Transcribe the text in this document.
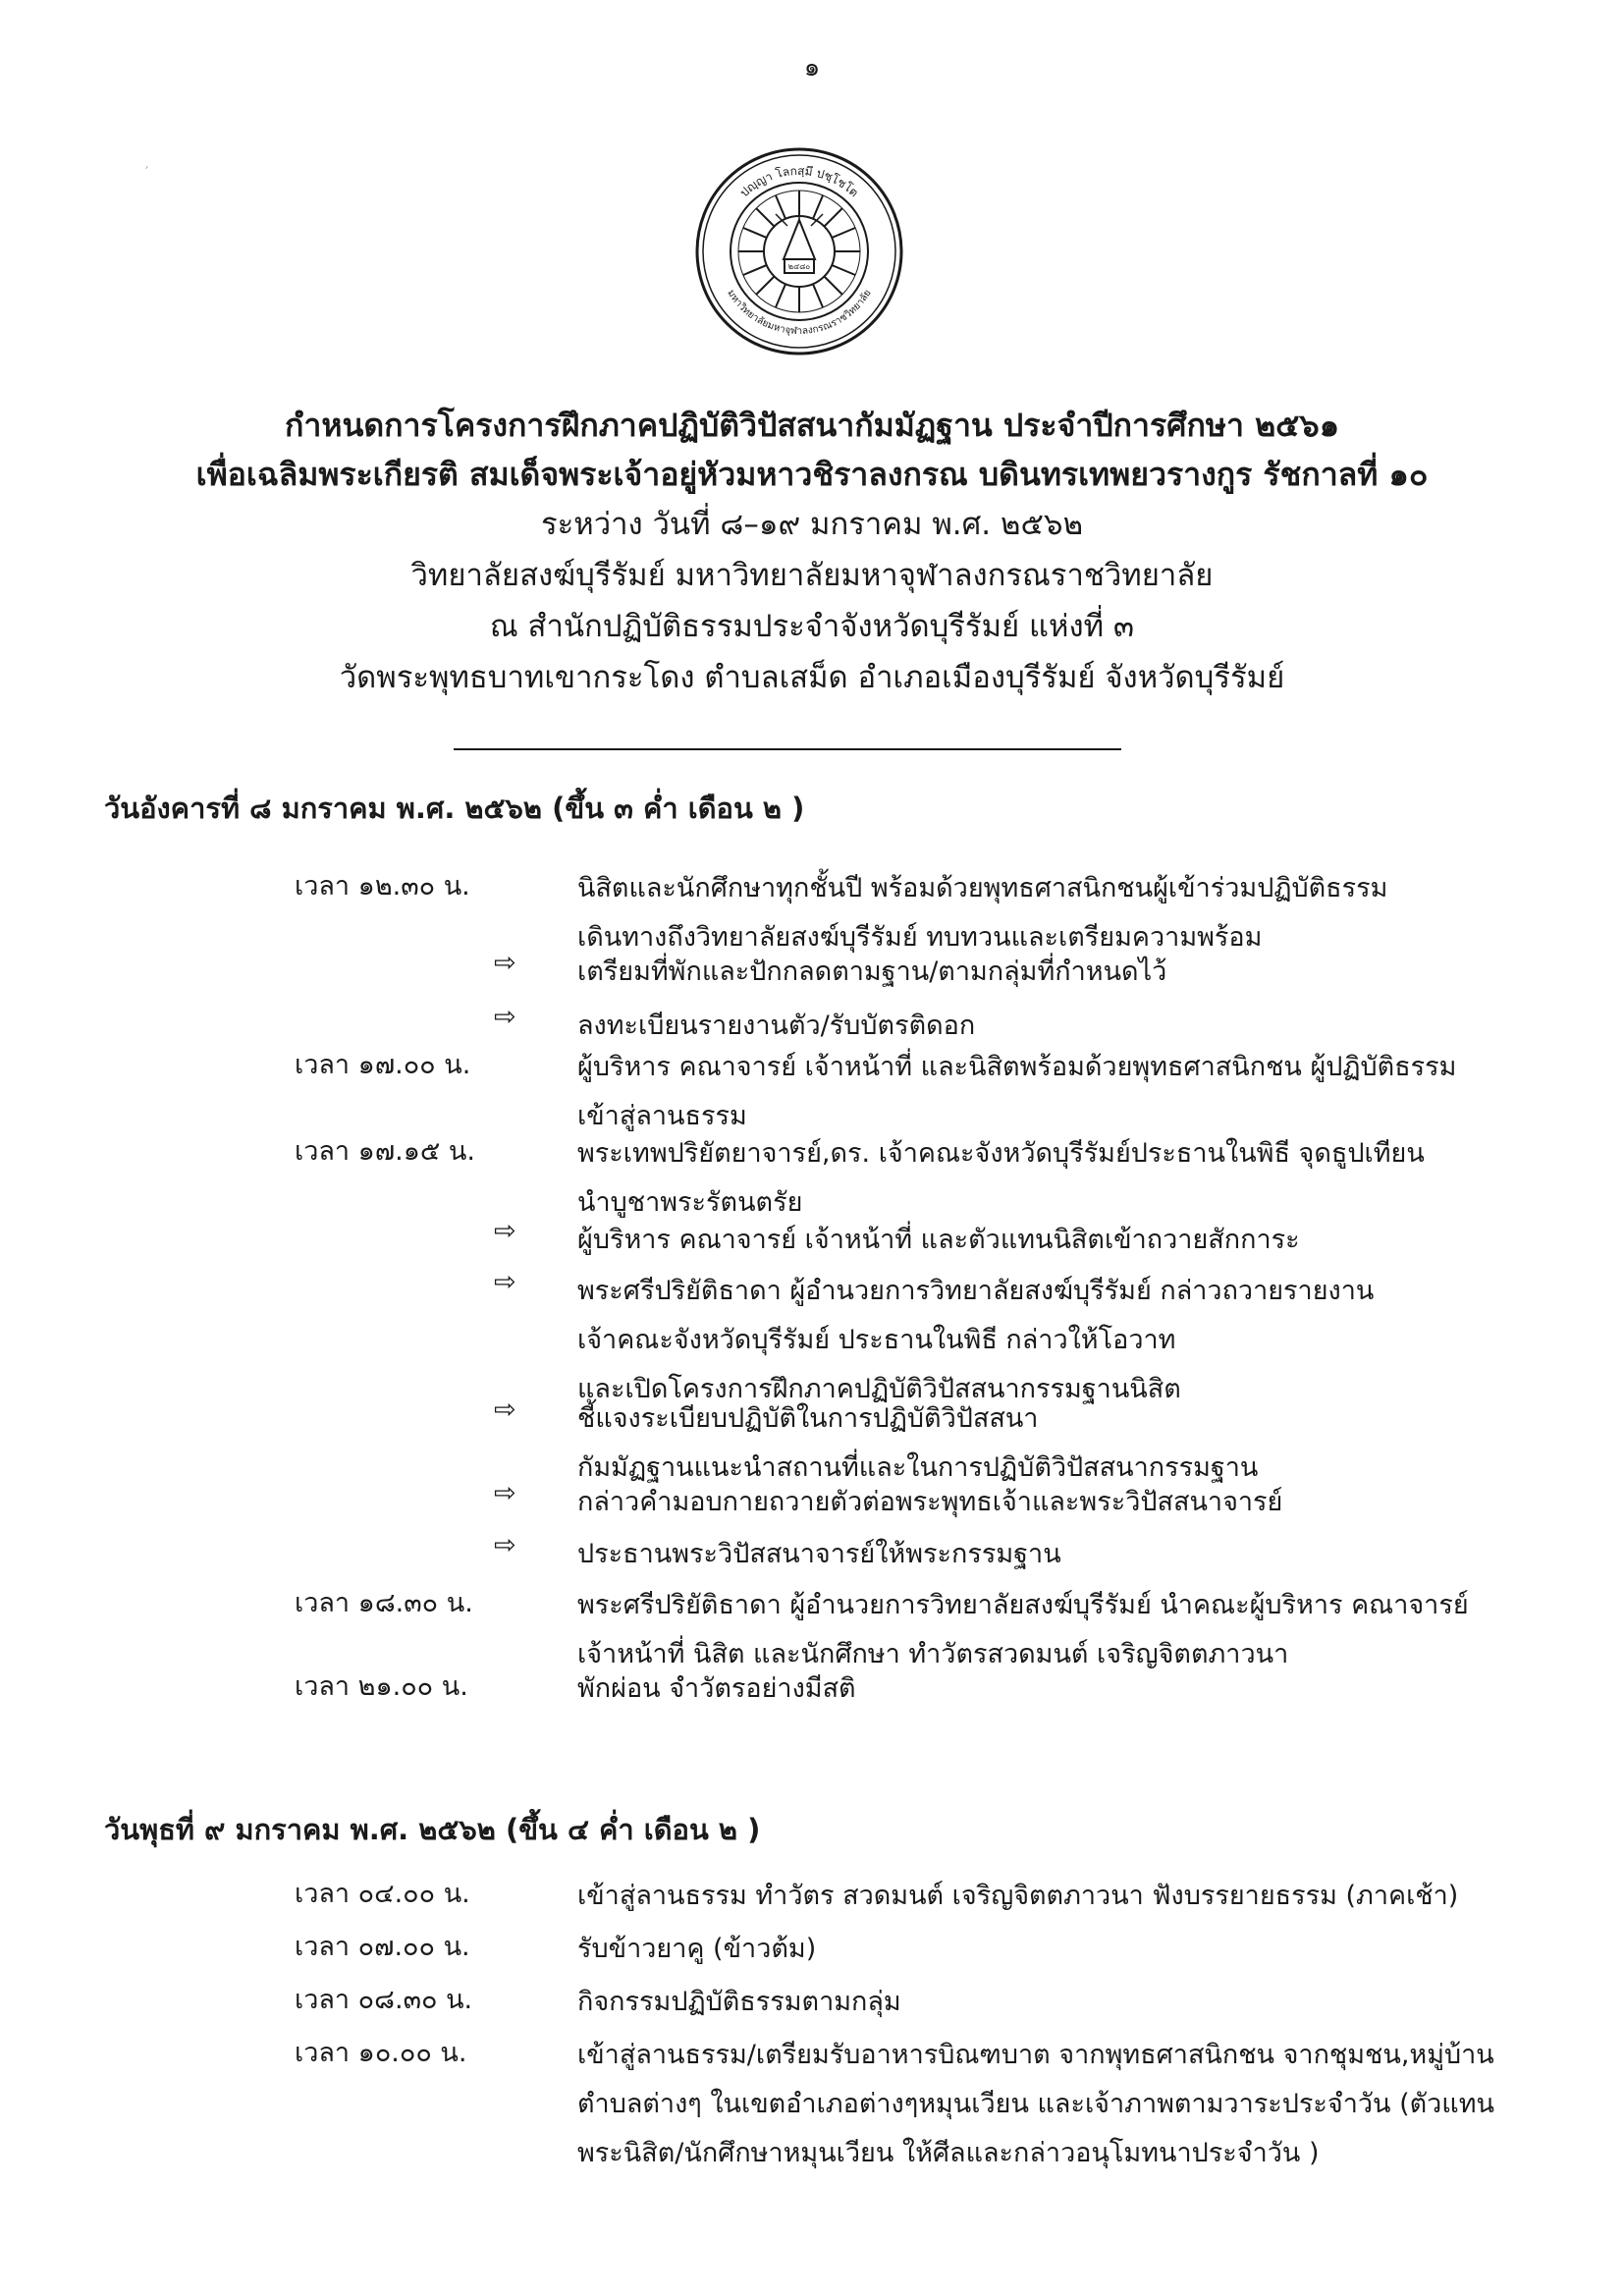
๑
′
ปญฺญา โลกสฺมึ ปชฺโชโต
มหาวิทยาลัยมหาจุฬาลงกรณราชวิทยาลัย
๒๔๘๐
กำหนดการโครงการฝึกภาคปฏิบัติวิปัสสนากัมมัฏฐาน ประจำปีการศึกษา ๒๕๖๑
เพื่อเฉลิมพระเกียรติ สมเด็จพระเจ้าอยู่หัวมหาวชิราลงกรณ บดินทรเทพยวรางกูร รัชกาลที่ ๑๐
ระหว่าง วันที่ ๘–๑๙ มกราคม พ.ศ. ๒๕๖๒
วิทยาลัยสงฆ์บุรีรัมย์ มหาวิทยาลัยมหาจุฬาลงกรณราชวิทยาลัย
ณ สำนักปฏิบัติธรรมประจำจังหวัดบุรีรัมย์ แห่งที่ ๓
วัดพระพุทธบาทเขากระโดง ตำบลเสม็ด อำเภอเมืองบุรีรัมย์ จังหวัดบุรีรัมย์
วันอังคารที่ ๘ มกราคม พ.ศ. ๒๕๖๒ (ขึ้น ๓ ค่ำ เดือน ๒ )
เวลา ๑๒.๓๐ น.	นิสิตและนักศึกษาทุกชั้นปี พร้อมด้วยพุทธศาสนิกชนผู้เข้าร่วมปฏิบัติธรรม
เดินทางถึงวิทยาลัยสงฆ์บุรีรัมย์ ทบทวนและเตรียมความพร้อม
⇨ เตรียมที่พักและปักกลดตามฐาน/ตามกลุ่มที่กำหนดไว้
⇨ ลงทะเบียนรายงานตัว/รับบัตรติดอก
เวลา ๑๗.๐๐ น.	ผู้บริหาร คณาจารย์ เจ้าหน้าที่ และนิสิตพร้อมด้วยพุทธศาสนิกชน ผู้ปฏิบัติธรรม
เข้าสู่ลานธรรม
เวลา ๑๗.๑๕ น.	พระเทพปริยัตยาจารย์,ดร. เจ้าคณะจังหวัดบุรีรัมย์ประธานในพิธี จุดธูปเทียน
นำบูชาพระรัตนตรัย
⇨ ผู้บริหาร คณาจารย์ เจ้าหน้าที่ และตัวแทนนิสิตเข้าถวายสักการะ
⇨ พระศรีปริยัติธาดา ผู้อำนวยการวิทยาลัยสงฆ์บุรีรัมย์ กล่าวถวายรายงาน
เจ้าคณะจังหวัดบุรีรัมย์ ประธานในพิธี กล่าวให้โอวาท
และเปิดโครงการฝึกภาคปฏิบัติวิปัสสนากรรมฐานนิสิต
⇨ ชี้แจงระเบียบปฏิบัติในการปฏิบัติวิปัสสนา
กัมมัฏฐานแนะนำสถานที่และในการปฏิบัติวิปัสสนากรรมฐาน
⇨ กล่าวคำมอบกายถวายตัวต่อพระพุทธเจ้าและพระวิปัสสนาจารย์
⇨ ประธานพระวิปัสสนาจารย์ให้พระกรรมฐาน
เวลา ๑๘.๓๐ น.	พระศรีปริยัติธาดา ผู้อำนวยการวิทยาลัยสงฆ์บุรีรัมย์ นำคณะผู้บริหาร คณาจารย์
เจ้าหน้าที่ นิสิต และนักศึกษา ทำวัตรสวดมนต์ เจริญจิตตภาวนา
เวลา ๒๑.๐๐ น.	พักผ่อน จำวัตรอย่างมีสติ
วันพุธที่ ๙ มกราคม พ.ศ. ๒๕๖๒ (ขึ้น ๔ ค่ำ เดือน ๒ )
เวลา ๐๔.๐๐ น.	เข้าสู่ลานธรรม ทำวัตร สวดมนต์ เจริญจิตตภาวนา ฟังบรรยายธรรม (ภาคเช้า)
เวลา ๐๗.๐๐ น.	รับข้าวยาคู (ข้าวต้ม)
เวลา ๐๘.๓๐ น.	กิจกรรมปฏิบัติธรรมตามกลุ่ม
เวลา ๑๐.๐๐ น.	เข้าสู่ลานธรรม/เตรียมรับอาหารบิณฑบาต จากพุทธศาสนิกชน จากชุมชน,หมู่บ้าน
ตำบลต่างๆ ในเขตอำเภอต่างๆหมุนเวียน และเจ้าภาพตามวาระประจำวัน (ตัวแทน
พระนิสิต/นักศึกษาหมุนเวียน ให้ศีลและกล่าวอนุโมทนาประจำวัน )
